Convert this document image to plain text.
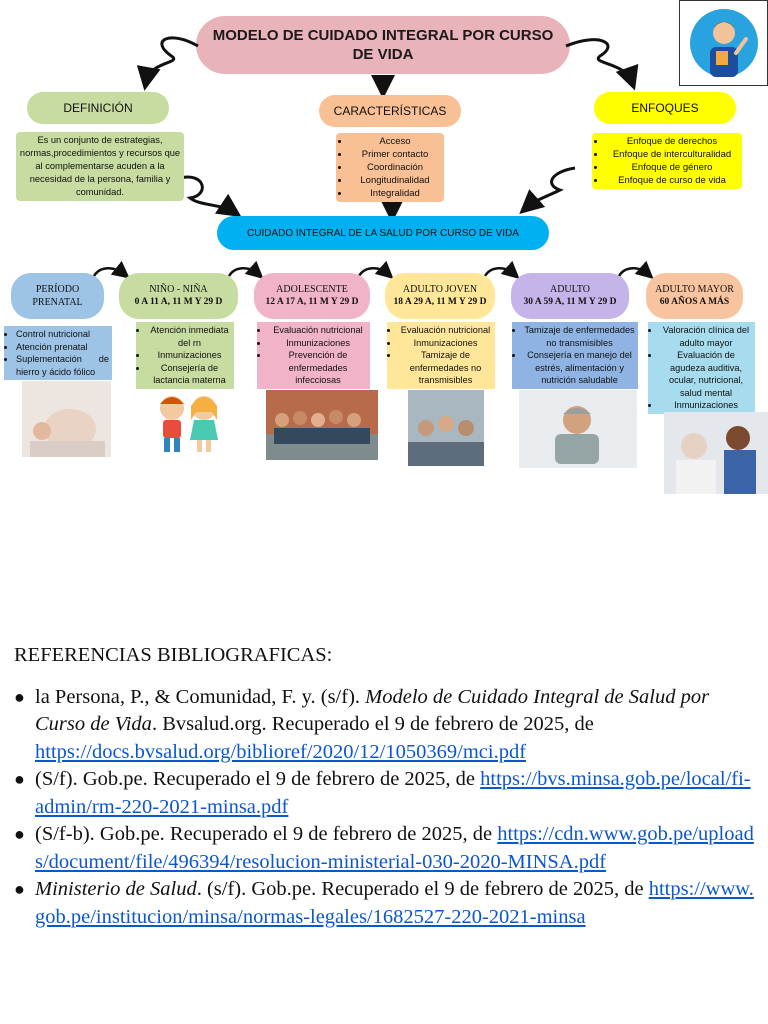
MODELO DE CUIDADO INTEGRAL POR CURSO
DE VIDA
DEFINICIÓN
Es un conjunto de estrategias, normas,procedimientos y recursos que al complementarse acuden a la necesidad de la persona, familia y comunidad.
CARACTERÍSTICAS
• Acceso
• Primer contacto
• Coordinación
• Longitudinalidad
• Integralidad
ENFOQUES
• Enfoque de derechos
• Enfoque de interculturalidad
• Enfoque de género
• Enfoque de curso de vida
CUIDADO INTEGRAL DE LA SALUD POR CURSO DE VIDA
PERÍODO
PRENATAL
• Control nutricional
• Atención prenatal
• Suplementación de hierro y ácido fólico
NIÑO - NIÑA
0 A 11 A, 11 M Y 29 D
• Atención inmediata del rn
• Inmunizaciones
• Consejería de lactancia materna
ADOLESCENTE
12 A 17 A, 11 M Y 29 D
• Evaluación nutricional
• Inmunizaciones
• Prevención de enfermedades infecciosas
ADULTO JOVEN
18 A 29 A, 11 M Y 29 D
• Evaluación nutricional
• Inmunizaciones
• Tamizaje de enfermedades no transmisibles
ADULTO
30 A 59 A, 11 M Y 29 D
• Tamizaje de enfermedades no transmisibles
• Consejería en manejo del estrés, alimentación y nutrición saludable
ADULTO MAYOR
60 AÑOS A MÁS
• Valoración clínica del adulto mayor
• Evaluación de agudeza auditiva, ocular, nutricional, salud mental
• Inmunizaciones
REFERENCIAS BIBLIOGRAFICAS:
● la Persona, P., & Comunidad, F. y. (s/f). Modelo de Cuidado Integral de Salud por Curso de Vida. Bvsalud.org. Recuperado el 9 de febrero de 2025, de https://docs.bvsalud.org/biblioref/2020/12/1050369/mci.pdf
● (S/f). Gob.pe. Recuperado el 9 de febrero de 2025, de https://bvs.minsa.gob.pe/local/fi-admin/rm-220-2021-minsa.pdf
● (S/f-b). Gob.pe. Recuperado el 9 de febrero de 2025, de https://cdn.www.gob.pe/uploads/document/file/496394/resolucion-ministerial-030-2020-MINSA.pdf
● Ministerio de Salud. (s/f). Gob.pe. Recuperado el 9 de febrero de 2025, de https://www.gob.pe/institucion/minsa/normas-legales/1682527-220-2021-minsa
